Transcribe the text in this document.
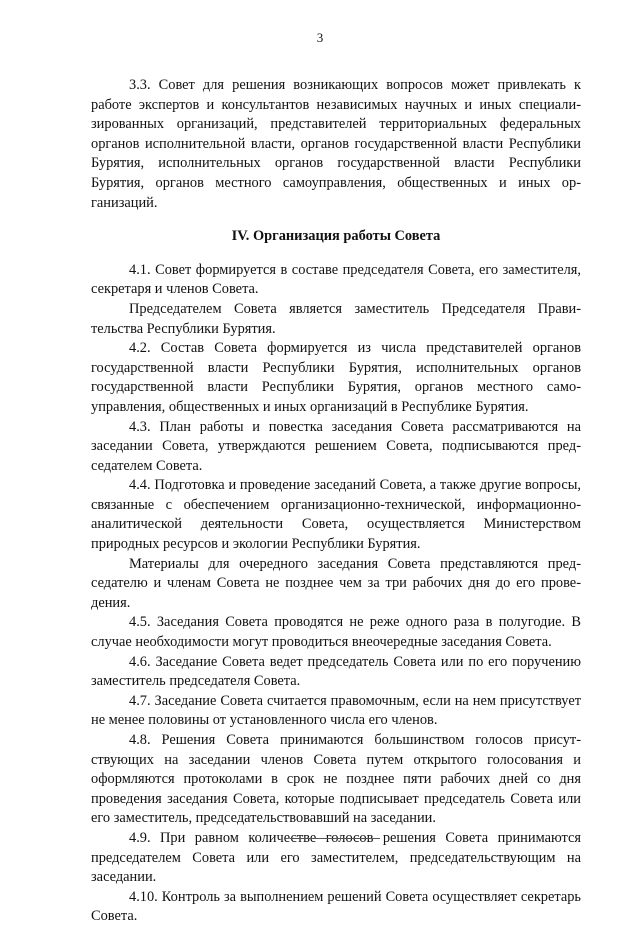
3

3.3. Совет для решения возникающих вопросов может привлекать к работе экспертов и консультантов независимых научных и иных специализированных организаций, представителей территориальных федеральных органов исполнительной власти, органов государственной власти Республики Бурятия, исполнительных органов государственной власти Республики Бурятия, органов местного самоуправления, общественных и иных организаций.

IV. Организация работы Совета

4.1. Совет формируется в составе председателя Совета, его заместителя, секретаря и членов Совета.

Председателем Совета является заместитель Председателя Правительства Республики Бурятия.

4.2. Состав Совета формируется из числа представителей органов государственной власти Республики Бурятия, исполнительных органов государственной власти Республики Бурятия, органов местного самоуправления, общественных и иных организаций в Республике Бурятия.

4.3. План работы и повестка заседания Совета рассматриваются на заседании Совета, утверждаются решением Совета, подписываются председателем Совета.

4.4. Подготовка и проведение заседаний Совета, а также другие вопросы, связанные с обеспечением организационно-технической, информационно-аналитической деятельности Совета, осуществляется Министерством природных ресурсов и экологии Республики Бурятия.

Материалы для очередного заседания Совета представляются председателю и членам Совета не позднее чем за три рабочих дня до его проведения.

4.5. Заседания Совета проводятся не реже одного раза в полугодие. В случае необходимости могут проводиться внеочередные заседания Совета.

4.6. Заседание Совета ведет председатель Совета или по его поручению заместитель председателя Совета.

4.7. Заседание Совета считается правомочным, если на нем присутствует не менее половины от установленного числа его членов.

4.8. Решения Совета принимаются большинством голосов присутствующих на заседании членов Совета путем открытого голосования и оформляются протоколами в срок не позднее пяти рабочих дней со дня проведения заседания Совета, которые подписывает председатель Совета или его заместитель, председательствовавший на заседании.

4.9. При равном количестве голосов решения Совета принимаются председателем Совета или его заместителем, председательствующим на заседании.

4.10. Контроль за выполнением решений Совета осуществляет секретарь Совета.
